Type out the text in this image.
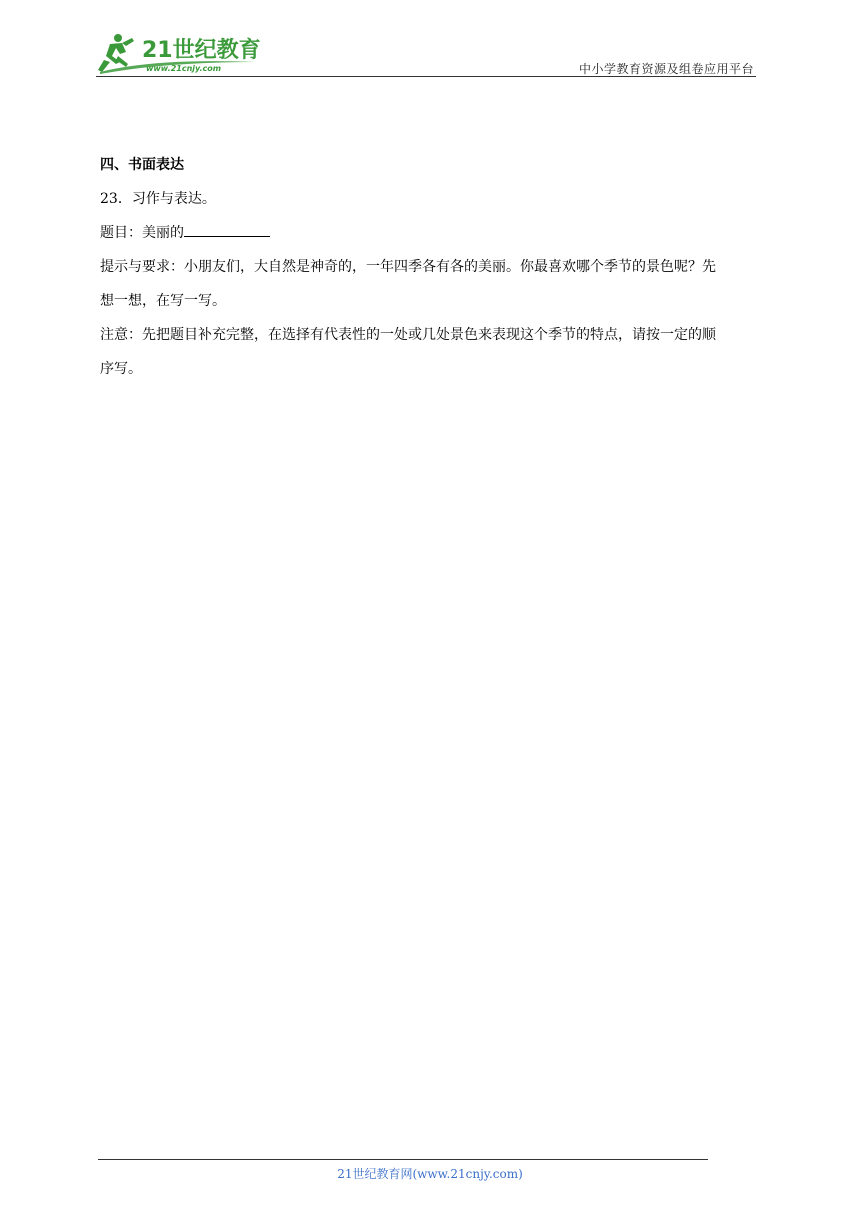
21世纪教育
www.21cnjy.com	中小学教育资源及组卷应用平台

四、书面表达

23．习作与表达。

题目：美丽的

提示与要求：小朋友们，大自然是神奇的，一年四季各有各的美丽。你最喜欢哪个季节的景色呢？先

想一想，在写一写。

注意：先把题目补充完整，在选择有代表性的一处或几处景色来表现这个季节的特点，请按一定的顺

序写。

21世纪教育网(www.21cnjy.com)
